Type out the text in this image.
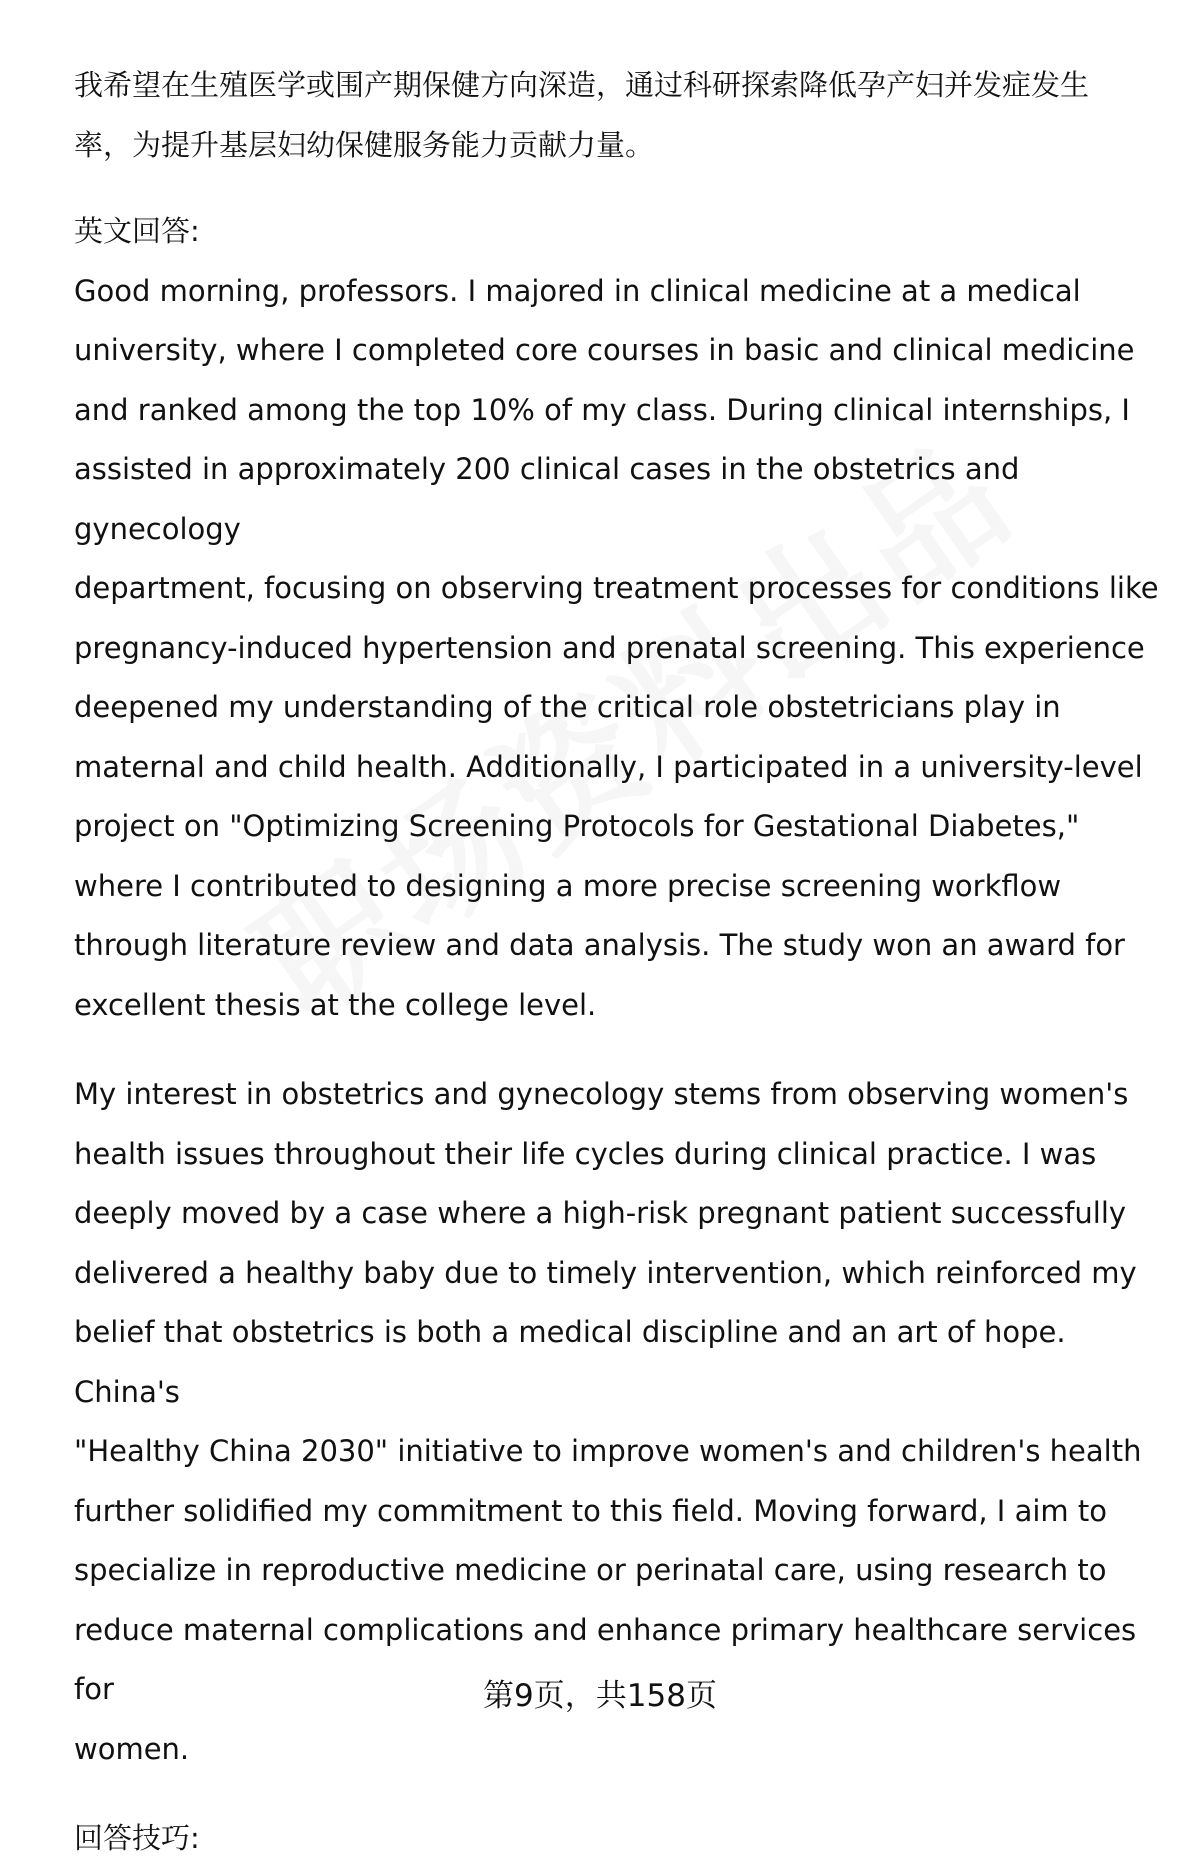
我希望在生殖医学或围产期保健方向深造，通过科研探索降低孕产妇并发症发生
率，为提升基层妇幼保健服务能力贡献力量。
英文回答:
Good morning, professors. I majored in clinical medicine at a medical
university, where I completed core courses in basic and clinical medicine
and ranked among the top 10% of my class. During clinical internships, I
assisted in approximately 200 clinical cases in the obstetrics and gynecology
department, focusing on observing treatment processes for conditions like
pregnancy-induced hypertension and prenatal screening. This experience
deepened my understanding of the critical role obstetricians play in
maternal and child health. Additionally, I participated in a university-level
project on "Optimizing Screening Protocols for Gestational Diabetes,"
where I contributed to designing a more precise screening workflow
through literature review and data analysis. The study won an award for
excellent thesis at the college level.
My interest in obstetrics and gynecology stems from observing women's
health issues throughout their life cycles during clinical practice. I was
deeply moved by a case where a high-risk pregnant patient successfully
delivered a healthy baby due to timely intervention, which reinforced my
belief that obstetrics is both a medical discipline and an art of hope. China's
"Healthy China 2030" initiative to improve women's and children's health
further solidified my commitment to this field. Moving forward, I aim to
specialize in reproductive medicine or perinatal care, using research to
reduce maternal complications and enhance primary healthcare services for
women.
回答技巧:
第9页，共158页
